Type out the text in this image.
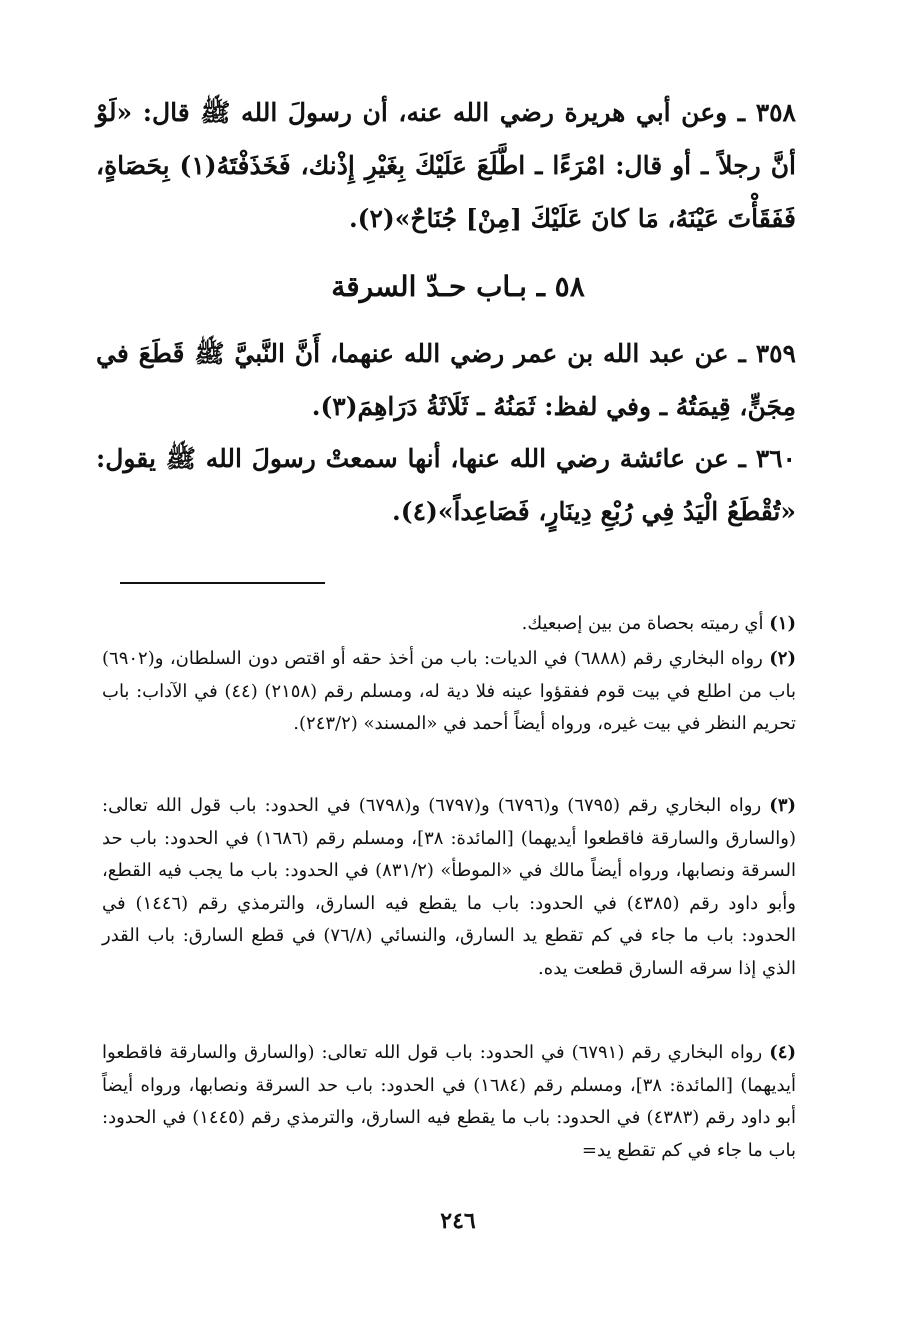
٣٥٨ ـ وعن أبي هريرة رضي الله عنه، أن رسولَ الله ﷺ قال: «لَوْ أنَّ رجلاً ـ أو قال: امْرَءًا ـ اطَّلَعَ عَلَيْكَ بِغَيْرِ إِذْنك، فَخَذَفْتَهُ(١) بِحَصَاةٍ، فَفَقَأْتَ عَيْنَهُ، مَا كانَ عَلَيْكَ [مِنْ] جُنَاحٌ»(٢).

٥٨ ـ بـاب حـدّ السرقة

٣٥٩ ـ عن عبد الله بن عمر رضي الله عنهما، أَنَّ النَّبيَّ ﷺ قَطَعَ في مِجَنٍّ، قِيمَتُهُ ـ وفي لفظ: ثَمَنُهُ ـ ثَلَاثَةُ دَرَاهِمَ(٣).

٣٦٠ ـ عن عائشة رضي الله عنها، أنها سمعتْ رسولَ الله ﷺ يقول: «تُقْطَعُ الْيَدُ فِي رُبْعِ دِينَارٍ، فَصَاعِداً»(٤).

(١) أي رميته بحصاة من بين إصبعيك.

(٢) رواه البخاري رقم (٦٨٨٨) في الديات: باب من أخذ حقه أو اقتص دون السلطان، و(٦٩٠٢) باب من اطلع في بيت قوم ففقؤوا عينه فلا دية له، ومسلم رقم (٢١٥٨) (٤٤) في الآداب: باب تحريم النظر في بيت غيره، ورواه أيضاً أحمد في «المسند» (٢٤٣/٢).

(٣) رواه البخاري رقم (٦٧٩٥) و(٦٧٩٦) و(٦٧٩٧) و(٦٧٩٨) في الحدود: باب قول الله تعالى: (والسارق والسارقة فاقطعوا أيديهما) [المائدة: ٣٨]، ومسلم رقم (١٦٨٦) في الحدود: باب حد السرقة ونصابها، ورواه أيضاً مالك في «الموطأ» (٨٣١/٢) في الحدود: باب ما يجب فيه القطع، وأبو داود رقم (٤٣٨٥) في الحدود: باب ما يقطع فيه السارق، والترمذي رقم (١٤٤٦) في الحدود: باب ما جاء في كم تقطع يد السارق، والنسائي (٧٦/٨) في قطع السارق: باب القدر الذي إذا سرقه السارق قطعت يده.

(٤) رواه البخاري رقم (٦٧٩١) في الحدود: باب قول الله تعالى: (والسارق والسارقة فاقطعوا أيديهما) [المائدة: ٣٨]، ومسلم رقم (١٦٨٤) في الحدود: باب حد السرقة ونصابها، ورواه أيضاً أبو داود رقم (٤٣٨٣) في الحدود: باب ما يقطع فيه السارق، والترمذي رقم (١٤٤٥) في الحدود: باب ما جاء في كم تقطع يد=

٢٤٦
